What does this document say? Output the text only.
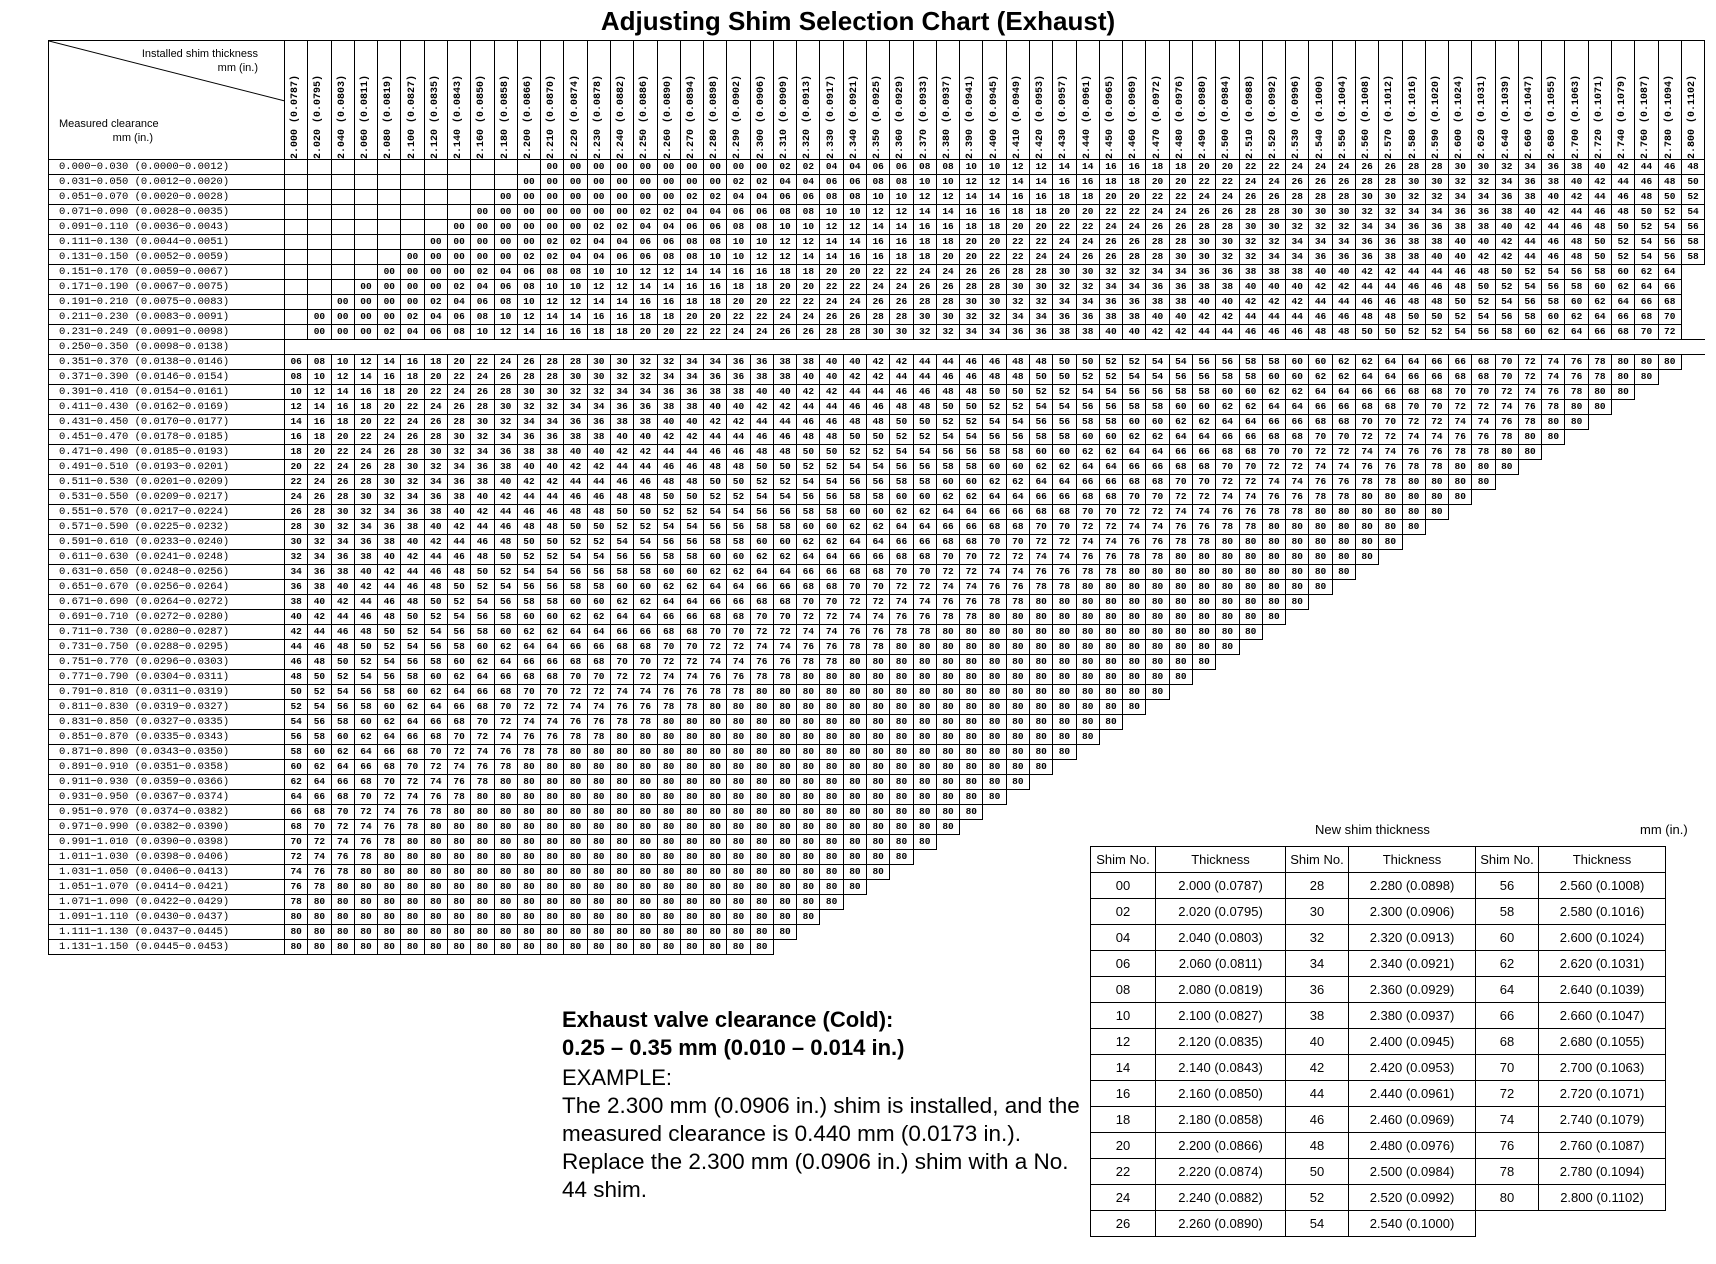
Adjusting Shim Selection Chart (Exhaust)
Installed shim thickness
mm (in.)
Measured clearance
mm (in.)	2.000 (0.0787)	2.020 (0.0795)	2.040 (0.0803)	2.060 (0.0811)	2.080 (0.0819)	2.100 (0.0827)	2.120 (0.0835)	2.140 (0.0843)	2.160 (0.0850)	2.180 (0.0858)	2.200 (0.0866)	2.210 (0.0870)	2.220 (0.0874)	2.230 (0.0878)	2.240 (0.0882)	2.250 (0.0886)	2.260 (0.0890)	2.270 (0.0894)	2.280 (0.0898)	2.290 (0.0902)	2.300 (0.0906)	2.310 (0.0909)	2.320 (0.0913)	2.330 (0.0917)	2.340 (0.0921)	2.350 (0.0925)	2.360 (0.0929)	2.370 (0.0933)	2.380 (0.0937)	2.390 (0.0941)	2.400 (0.0945)	2.410 (0.0949)	2.420 (0.0953)	2.430 (0.0957)	2.440 (0.0961)	2.450 (0.0965)	2.460 (0.0969)	2.470 (0.0972)	2.480 (0.0976)	2.490 (0.0980)	2.500 (0.0984)	2.510 (0.0988)	2.520 (0.0992)	2.530 (0.0996)	2.540 (0.1000)	2.550 (0.1004)	2.560 (0.1008)	2.570 (0.1012)	2.580 (0.1016)	2.590 (0.1020)	2.600 (0.1024)	2.620 (0.1031)	2.640 (0.1039)	2.660 (0.1047)	2.680 (0.1055)	2.700 (0.1063)	2.720 (0.1071)	2.740 (0.1079)	2.760 (0.1087)	2.780 (0.1094)	2.800 (0.1102)

0.000−0.030 (0.0000−0.0012)												00	00	00	00	00	00	00	00	00	00	02	02	04	04	06	06	08	08	10	10	12	12	14	14	16	16	18	18	20	20	22	22	24	24	24	26	26	28	28	30	30	32	34	36	38	40	42	44	46	48
0.031−0.050 (0.0012−0.0020)											00	00	00	00	00	00	00	00	00	02	02	04	04	06	06	08	08	10	10	12	12	14	14	16	16	18	18	20	20	22	22	24	24	26	26	26	28	28	30	30	32	32	34	36	38	40	42	44	46	48	50
0.051−0.070 (0.0020−0.0028)										00	00	00	00	00	00	00	00	02	02	04	04	06	06	08	08	10	10	12	12	14	14	16	16	18	18	20	20	22	22	24	24	26	26	28	28	28	30	30	32	32	34	34	36	38	40	42	44	46	48	50	52
0.071−0.090 (0.0028−0.0035)									00	00	00	00	00	00	00	02	02	04	04	06	06	08	08	10	10	12	12	14	14	16	16	18	18	20	20	22	22	24	24	26	26	28	28	30	30	30	32	32	34	34	36	36	38	40	42	44	46	48	50	52	54
0.091−0.110 (0.0036−0.0043)								00	00	00	00	00	00	02	02	04	04	06	06	08	08	10	10	12	12	14	14	16	16	18	18	20	20	22	22	24	24	26	26	28	28	30	30	32	32	32	34	34	36	36	38	38	40	42	44	46	48	50	52	54	56
0.111−0.130 (0.0044−0.0051)							00	00	00	00	00	02	02	04	04	06	06	08	08	10	10	12	12	14	14	16	16	18	18	20	20	22	22	24	24	26	26	28	28	30	30	32	32	34	34	34	36	36	38	38	40	40	42	44	46	48	50	52	54	56	58
0.131−0.150 (0.0052−0.0059)						00	00	00	00	00	02	02	04	04	06	06	08	08	10	10	12	12	14	14	16	16	18	18	20	20	22	22	24	24	26	26	28	28	30	30	32	32	34	34	36	36	36	38	38	40	40	42	42	44	46	48	50	52	54	56	58
0.151−0.170 (0.0059−0.0067)					00	00	00	00	02	04	06	08	08	10	10	12	12	14	14	16	16	18	18	20	20	22	22	24	24	26	26	28	28	30	30	32	32	34	34	36	36	38	38	38	40	40	42	42	44	44	46	48	50	52	54	56	58	60	62	64	
0.171−0.190 (0.0067−0.0075)				00	00	00	00	02	04	06	08	10	10	12	12	14	14	16	16	18	18	20	20	22	22	24	24	26	26	28	28	30	30	32	32	34	34	36	36	38	38	40	40	40	42	42	44	44	46	46	48	50	52	54	56	58	60	62	64	66	
0.191−0.210 (0.0075−0.0083)			00	00	00	00	02	04	06	08	10	12	12	14	14	16	16	18	18	20	20	22	22	24	24	26	26	28	28	30	30	32	32	34	34	36	36	38	38	40	40	42	42	42	44	44	46	46	48	48	50	52	54	56	58	60	62	64	66	68	
0.211−0.230 (0.0083−0.0091)		00	00	00	00	02	04	06	08	10	12	14	14	16	16	18	18	20	20	22	22	24	24	26	26	28	28	30	30	32	32	34	34	36	36	38	38	40	40	42	42	44	44	44	46	46	48	48	50	50	52	54	56	58	60	62	64	66	68	70	
0.231−0.249 (0.0091−0.0098)		00	00	00	02	04	06	08	10	12	14	16	16	18	18	20	20	22	22	24	24	26	26	28	28	30	30	32	32	34	34	36	36	38	38	40	40	42	42	44	44	46	46	46	48	48	50	50	52	52	54	56	58	60	62	64	66	68	70	72	
0.250−0.350 (0.0098−0.0138)																																																													
0.351−0.370 (0.0138−0.0146)	06	08	10	12	14	16	18	20	22	24	26	28	28	30	30	32	32	34	34	36	36	38	38	40	40	42	42	44	44	46	46	48	48	50	50	52	52	54	54	56	56	58	58	60	60	62	62	64	64	66	66	68	70	72	74	76	78	80	80	80	
0.371−0.390 (0.0146−0.0154)	08	10	12	14	16	18	20	22	24	26	28	28	30	30	32	32	34	34	36	36	38	38	40	40	42	42	44	44	46	46	48	48	50	50	52	52	54	54	56	56	58	58	60	60	62	62	64	64	66	66	68	68	70	72	74	76	78	80	80		
0.391−0.410 (0.0154−0.0161)	10	12	14	16	18	20	22	24	26	28	30	30	32	32	34	34	36	36	38	38	40	40	42	42	44	44	46	46	48	48	50	50	52	52	54	54	56	56	58	58	60	60	62	62	64	64	66	66	68	68	70	70	72	74	76	78	80	80			
0.411−0.430 (0.0162−0.0169)	12	14	16	18	20	22	24	26	28	30	32	32	34	34	36	36	38	38	40	40	42	42	44	44	46	46	48	48	50	50	52	52	54	54	56	56	58	58	60	60	62	62	64	64	66	66	68	68	70	70	72	72	74	76	78	80	80				
0.431−0.450 (0.0170−0.0177)	14	16	18	20	22	24	26	28	30	32	34	34	36	36	38	38	40	40	42	42	44	44	46	46	48	48	50	50	52	52	54	54	56	56	58	58	60	60	62	62	64	64	66	66	68	68	70	70	72	72	74	74	76	78	80	80					
0.451−0.470 (0.0178−0.0185)	16	18	20	22	24	26	28	30	32	34	36	36	38	38	40	40	42	42	44	44	46	46	48	48	50	50	52	52	54	54	56	56	58	58	60	60	62	62	64	64	66	66	68	68	70	70	72	72	74	74	76	76	78	80	80						
0.471−0.490 (0.0185−0.0193)	18	20	22	24	26	28	30	32	34	36	38	38	40	40	42	42	44	44	46	46	48	48	50	50	52	52	54	54	56	56	58	58	60	60	62	62	64	64	66	66	68	68	70	70	72	72	74	74	76	76	78	78	80	80							
0.491−0.510 (0.0193−0.0201)	20	22	24	26	28	30	32	34	36	38	40	40	42	42	44	44	46	46	48	48	50	50	52	52	54	54	56	56	58	58	60	60	62	62	64	64	66	66	68	68	70	70	72	72	74	74	76	76	78	78	80	80	80								
0.511−0.530 (0.0201−0.0209)	22	24	26	28	30	32	34	36	38	40	42	42	44	44	46	46	48	48	50	50	52	52	54	54	56	56	58	58	60	60	62	62	64	64	66	66	68	68	70	70	72	72	74	74	76	76	78	78	80	80	80	80									
0.531−0.550 (0.0209−0.0217)	24	26	28	30	32	34	36	38	40	42	44	44	46	46	48	48	50	50	52	52	54	54	56	56	58	58	60	60	62	62	64	64	66	66	68	68	70	70	72	72	74	74	76	76	78	78	80	80	80	80	80										
0.551−0.570 (0.0217−0.0224)	26	28	30	32	34	36	38	40	42	44	46	46	48	48	50	50	52	52	54	54	56	56	58	58	60	60	62	62	64	64	66	66	68	68	70	70	72	72	74	74	76	76	78	78	80	80	80	80	80	80											
0.571−0.590 (0.0225−0.0232)	28	30	32	34	36	38	40	42	44	46	48	48	50	50	52	52	54	54	56	56	58	58	60	60	62	62	64	64	66	66	68	68	70	70	72	72	74	74	76	76	78	78	80	80	80	80	80	80	80												
0.591−0.610 (0.0233−0.0240)	30	32	34	36	38	40	42	44	46	48	50	50	52	52	54	54	56	56	58	58	60	60	62	62	64	64	66	66	68	68	70	70	72	72	74	74	76	76	78	78	80	80	80	80	80	80	80	80													
0.611−0.630 (0.0241−0.0248)	32	34	36	38	40	42	44	46	48	50	52	52	54	54	56	56	58	58	60	60	62	62	64	64	66	66	68	68	70	70	72	72	74	74	76	76	78	78	80	80	80	80	80	80	80	80	80														
0.631−0.650 (0.0248−0.0256)	34	36	38	40	42	44	46	48	50	52	54	54	56	56	58	58	60	60	62	62	64	64	66	66	68	68	70	70	72	72	74	74	76	76	78	78	80	80	80	80	80	80	80	80	80	80															
0.651−0.670 (0.0256−0.0264)	36	38	40	42	44	46	48	50	52	54	56	56	58	58	60	60	62	62	64	64	66	66	68	68	70	70	72	72	74	74	76	76	78	78	80	80	80	80	80	80	80	80	80	80	80																
0.671−0.690 (0.0264−0.0272)	38	40	42	44	46	48	50	52	54	56	58	58	60	60	62	62	64	64	66	66	68	68	70	70	72	72	74	74	76	76	78	78	80	80	80	80	80	80	80	80	80	80	80	80																	
0.691−0.710 (0.0272−0.0280)	40	42	44	46	48	50	52	54	56	58	60	60	62	62	64	64	66	66	68	68	70	70	72	72	74	74	76	76	78	78	80	80	80	80	80	80	80	80	80	80	80	80	80																		
0.711−0.730 (0.0280−0.0287)	42	44	46	48	50	52	54	56	58	60	62	62	64	64	66	66	68	68	70	70	72	72	74	74	76	76	78	78	80	80	80	80	80	80	80	80	80	80	80	80	80	80																			
0.731−0.750 (0.0288−0.0295)	44	46	48	50	52	54	56	58	60	62	64	64	66	66	68	68	70	70	72	72	74	74	76	76	78	78	80	80	80	80	80	80	80	80	80	80	80	80	80	80	80																				
0.751−0.770 (0.0296−0.0303)	46	48	50	52	54	56	58	60	62	64	66	66	68	68	70	70	72	72	74	74	76	76	78	78	80	80	80	80	80	80	80	80	80	80	80	80	80	80	80	80																					
0.771−0.790 (0.0304−0.0311)	48	50	52	54	56	58	60	62	64	66	68	68	70	70	72	72	74	74	76	76	78	78	80	80	80	80	80	80	80	80	80	80	80	80	80	80	80	80	80																						
0.791−0.810 (0.0311−0.0319)	50	52	54	56	58	60	62	64	66	68	70	70	72	72	74	74	76	76	78	78	80	80	80	80	80	80	80	80	80	80	80	80	80	80	80	80	80	80																							
0.811−0.830 (0.0319−0.0327)	52	54	56	58	60	62	64	66	68	70	72	72	74	74	76	76	78	78	80	80	80	80	80	80	80	80	80	80	80	80	80	80	80	80	80	80	80																								
0.831−0.850 (0.0327−0.0335)	54	56	58	60	62	64	66	68	70	72	74	74	76	76	78	78	80	80	80	80	80	80	80	80	80	80	80	80	80	80	80	80	80	80	80	80																									
0.851−0.870 (0.0335−0.0343)	56	58	60	62	64	66	68	70	72	74	76	76	78	78	80	80	80	80	80	80	80	80	80	80	80	80	80	80	80	80	80	80	80	80	80																										
0.871−0.890 (0.0343−0.0350)	58	60	62	64	66	68	70	72	74	76	78	78	80	80	80	80	80	80	80	80	80	80	80	80	80	80	80	80	80	80	80	80	80	80																											
0.891−0.910 (0.0351−0.0358)	60	62	64	66	68	70	72	74	76	78	80	80	80	80	80	80	80	80	80	80	80	80	80	80	80	80	80	80	80	80	80	80	80																												
0.911−0.930 (0.0359−0.0366)	62	64	66	68	70	72	74	76	78	80	80	80	80	80	80	80	80	80	80	80	80	80	80	80	80	80	80	80	80	80	80	80																													
0.931−0.950 (0.0367−0.0374)	64	66	68	70	72	74	76	78	80	80	80	80	80	80	80	80	80	80	80	80	80	80	80	80	80	80	80	80	80	80	80																														
0.951−0.970 (0.0374−0.0382)	66	68	70	72	74	76	78	80	80	80	80	80	80	80	80	80	80	80	80	80	80	80	80	80	80	80	80	80	80	80																															
0.971−0.990 (0.0382−0.0390)	68	70	72	74	76	78	80	80	80	80	80	80	80	80	80	80	80	80	80	80	80	80	80	80	80	80	80	80	80																																
0.991−1.010 (0.0390−0.0398)	70	72	74	76	78	80	80	80	80	80	80	80	80	80	80	80	80	80	80	80	80	80	80	80	80	80	80	80																																	
1.011−1.030 (0.0398−0.0406)	72	74	76	78	80	80	80	80	80	80	80	80	80	80	80	80	80	80	80	80	80	80	80	80	80	80	80																																		
1.031−1.050 (0.0406−0.0413)	74	76	78	80	80	80	80	80	80	80	80	80	80	80	80	80	80	80	80	80	80	80	80	80	80	80																																			
1.051−1.070 (0.0414−0.0421)	76	78	80	80	80	80	80	80	80	80	80	80	80	80	80	80	80	80	80	80	80	80	80	80	80																																				
1.071−1.090 (0.0422−0.0429)	78	80	80	80	80	80	80	80	80	80	80	80	80	80	80	80	80	80	80	80	80	80	80	80																																					
1.091−1.110 (0.0430−0.0437)	80	80	80	80	80	80	80	80	80	80	80	80	80	80	80	80	80	80	80	80	80	80	80																																						
1.111−1.130 (0.0437−0.0445)	80	80	80	80	80	80	80	80	80	80	80	80	80	80	80	80	80	80	80	80	80	80																																							
1.131−1.150 (0.0445−0.0453)	80	80	80	80	80	80	80	80	80	80	80	80	80	80	80	80	80	80	80	80	80																																								
Exhaust valve clearance (Cold):
0.25 – 0.35 mm (0.010 – 0.014 in.)
EXAMPLE:
The 2.300 mm (0.0906 in.) shim is installed, and the measured clearance is 0.440 mm (0.0173 in.). Replace the 2.300 mm (0.0906 in.) shim with a No. 44 shim.
New shim thickness	mm (in.)
Shim No.	Thickness	Shim No.	Thickness	Shim No.	Thickness
00	2.000 (0.0787)	28	2.280 (0.0898)	56	2.560 (0.1008)
02	2.020 (0.0795)	30	2.300 (0.0906)	58	2.580 (0.1016)
04	2.040 (0.0803)	32	2.320 (0.0913)	60	2.600 (0.1024)
06	2.060 (0.0811)	34	2.340 (0.0921)	62	2.620 (0.1031)
08	2.080 (0.0819)	36	2.360 (0.0929)	64	2.640 (0.1039)
10	2.100 (0.0827)	38	2.380 (0.0937)	66	2.660 (0.1047)
12	2.120 (0.0835)	40	2.400 (0.0945)	68	2.680 (0.1055)
14	2.140 (0.0843)	42	2.420 (0.0953)	70	2.700 (0.1063)
16	2.160 (0.0850)	44	2.440 (0.0961)	72	2.720 (0.1071)
18	2.180 (0.0858)	46	2.460 (0.0969)	74	2.740 (0.1079)
20	2.200 (0.0866)	48	2.480 (0.0976)	76	2.760 (0.1087)
22	2.220 (0.0874)	50	2.500 (0.0984)	78	2.780 (0.1094)
24	2.240 (0.0882)	52	2.520 (0.0992)	80	2.800 (0.1102)
26	2.260 (0.0890)	54	2.540 (0.1000)		
